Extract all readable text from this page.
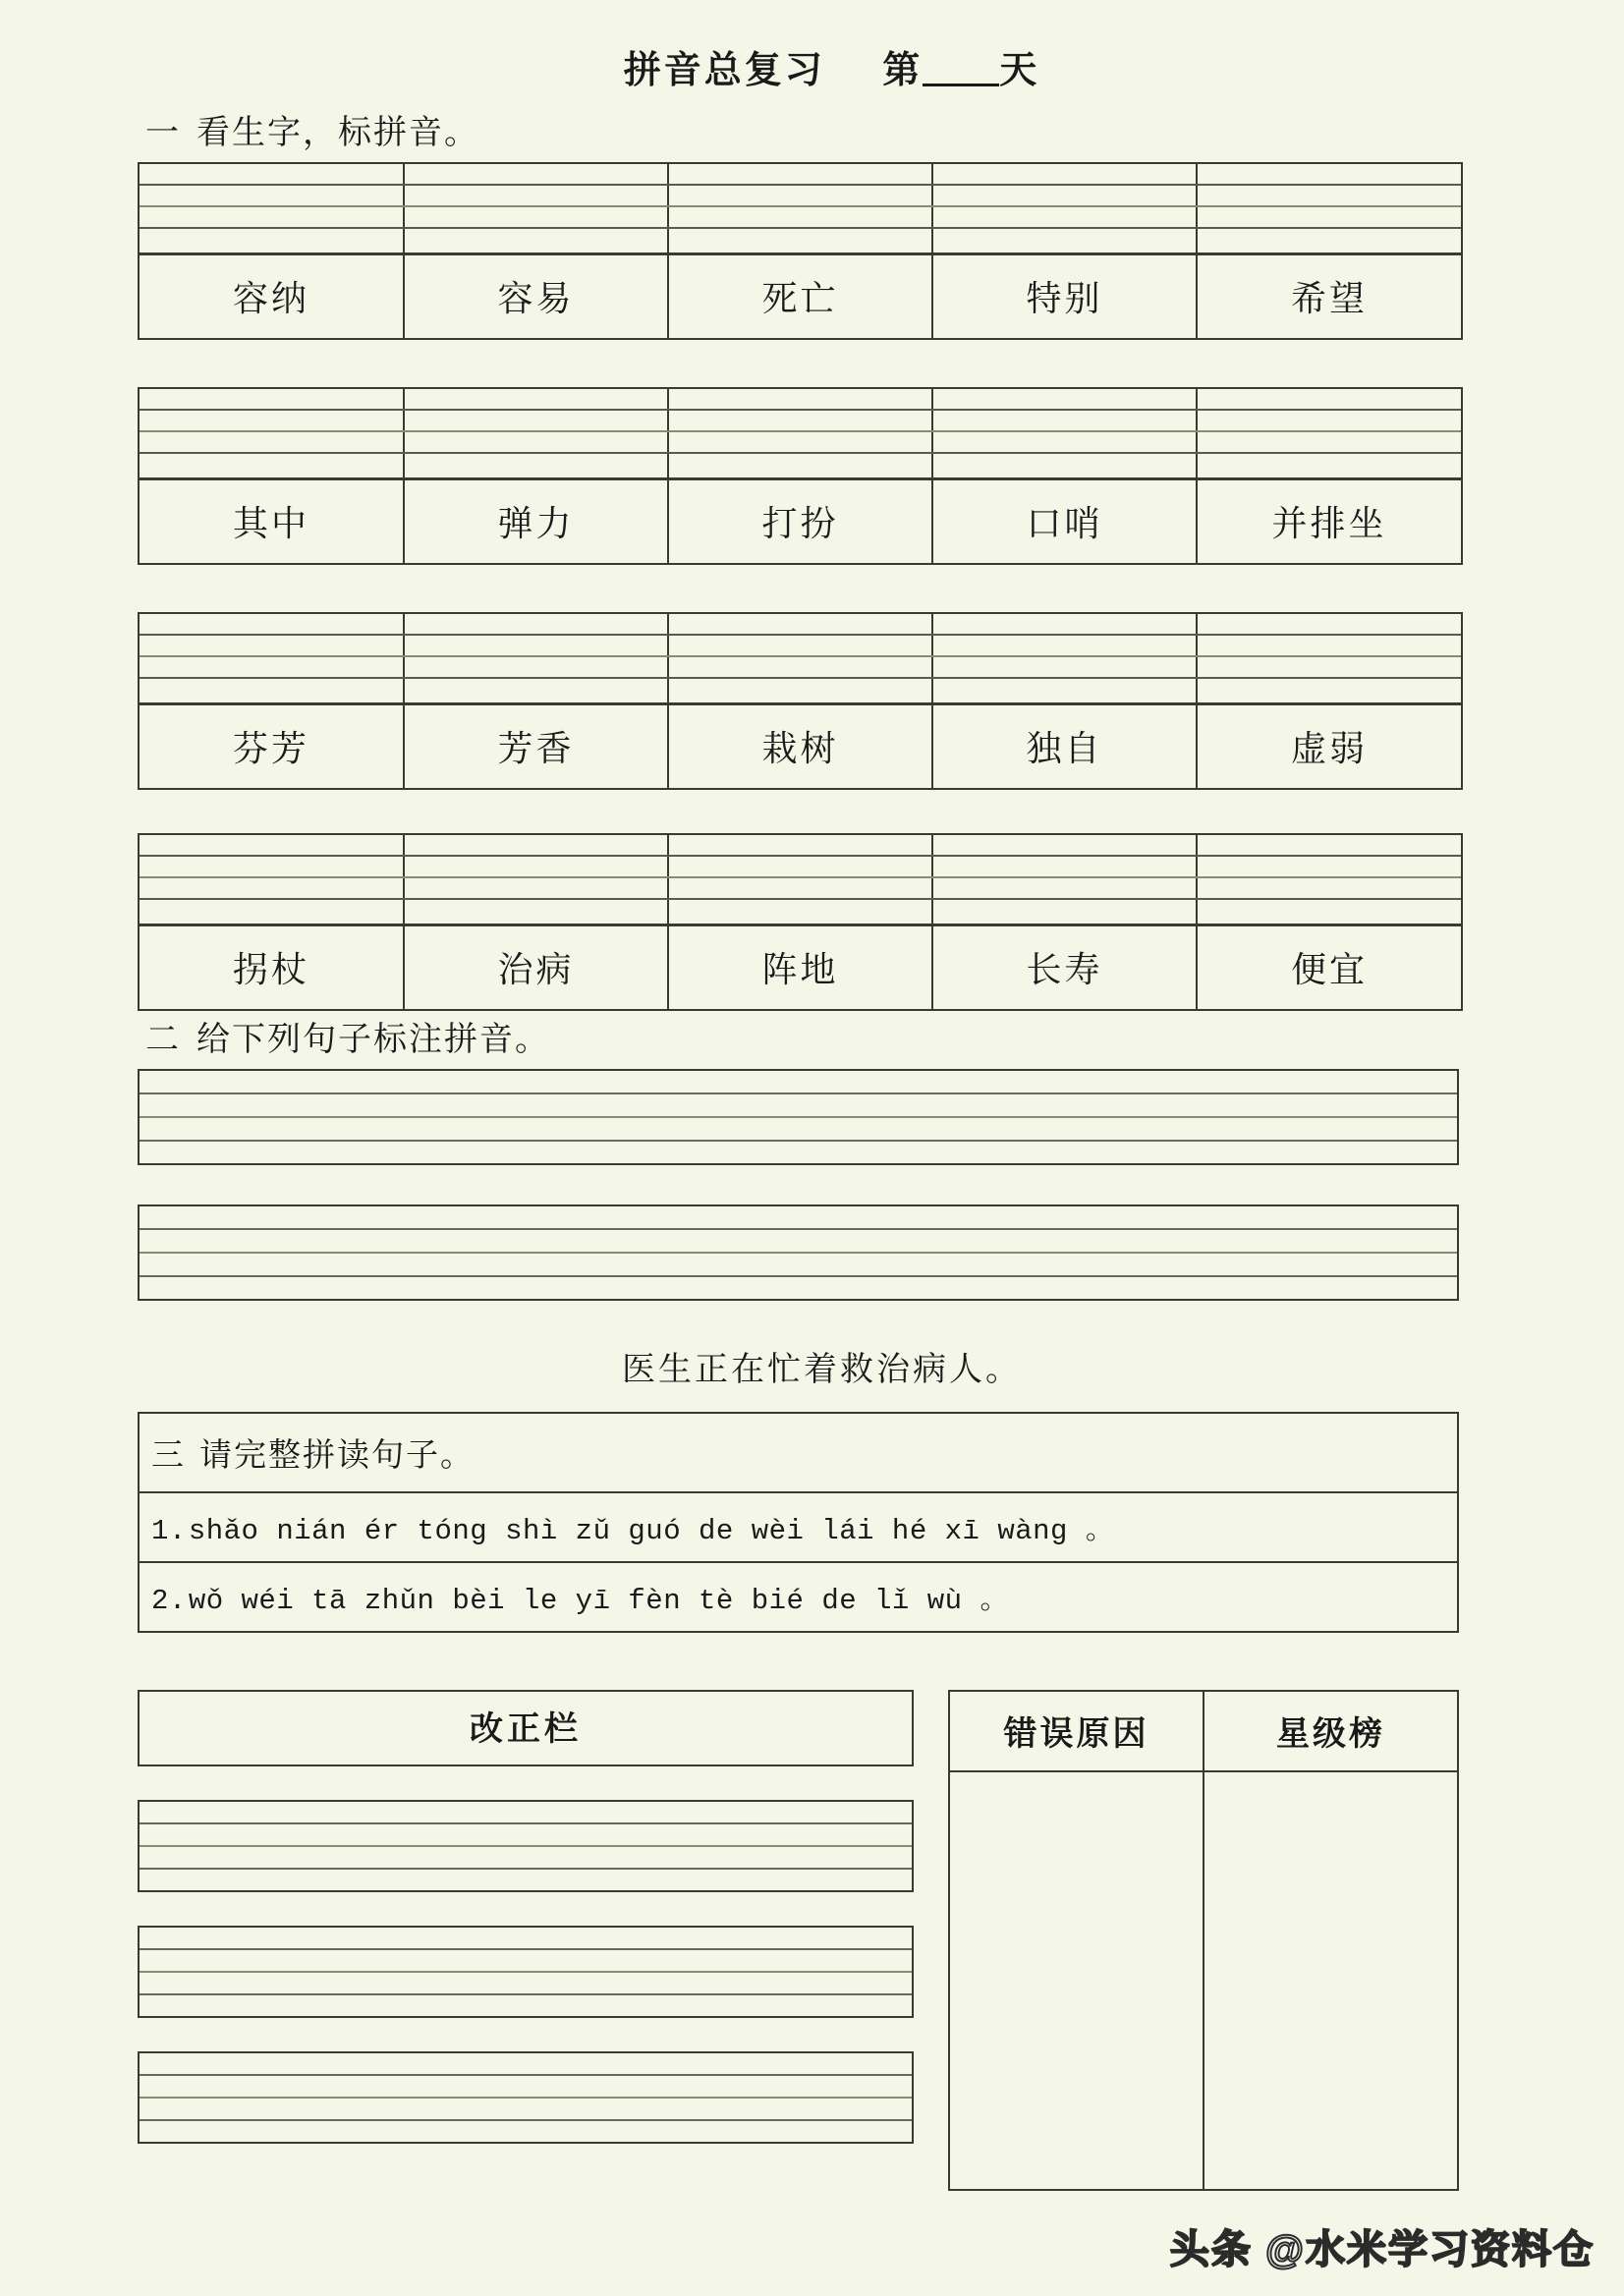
拼音总复习 第 天
一 看生字，标拼音。

容纳	容易	死亡	特别	希望

其中	弹力	打扮	口哨	并排坐

芬芳	芳香	栽树	独自	虚弱

拐杖	治病	阵地	长寿	便宜
二 给下列句子标注拼音。
医生正在忙着救治病人。
三 请完整拼读句子。
1.shǎo nián ér tóng shì zǔ guó de wèi lái hé xī wàng 。
2.wǒ wéi tā zhǔn bèi le yī fèn tè bié de lǐ wù 。
改正栏	错误原因	星级榜

头条 @水米学习资料仓
